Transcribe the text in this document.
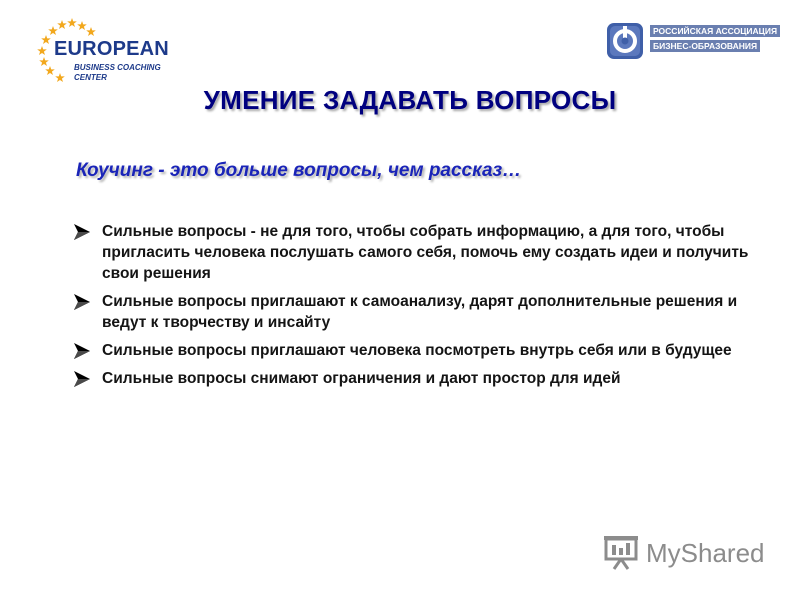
EUROPEAN
BUSINESS COACHING
CENTER
РОССИЙСКАЯ АССОЦИАЦИЯ
БИЗНЕС-ОБРАЗОВАНИЯ
УМЕНИЕ ЗАДАВАТЬ ВОПРОСЫ
Коучинг - это больше вопросы, чем рассказ…
Сильные вопросы - не для того, чтобы собрать информацию, а для того, чтобы пригласить человека послушать самого себя, помочь ему создать идеи и получить свои решения
Сильные вопросы приглашают к самоанализу, дарят дополнительные решения и ведут к творчеству и инсайту
Сильные вопросы приглашают человека посмотреть внутрь себя или в будущее
Сильные вопросы снимают ограничения и дают простор для идей
MyShared
